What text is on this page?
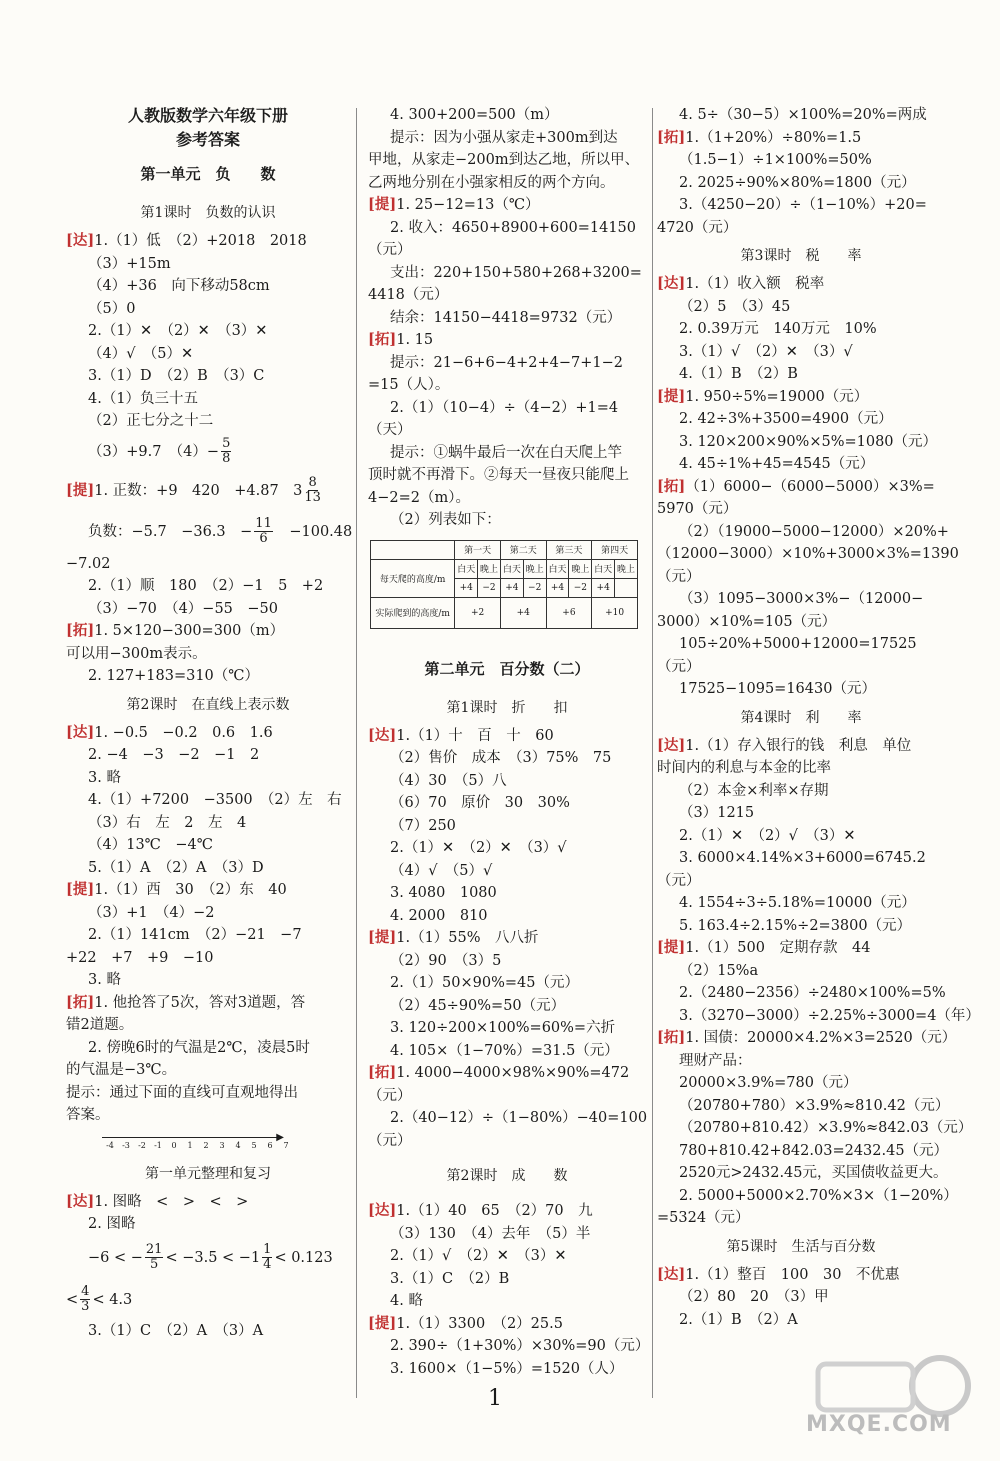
人教版数学六年级下册
参考答案
第一单元　负　　数
第1课时　负数的认识
[达]1.（1）低　（2）+2018　2018
（3）+15m
（4）+36　向下移动58cm
（5）0
2.（1）✕　（2）✕　（3）✕
（4）√　（5）✕
3.（1）D　（2）B　（3）C
4.（1）负三十五
（2）正七分之十二
（3）+9.7　$(4)- \frac{5}{8}$
[提]1. 正数：+9　420　+4.87　$3 \frac{8}{13}$
负数：−5.7　−36.3　− $\frac{11}{6}$
　 −100.48
−7.02
2.（1）顺　180　（2）−1　5　+2
（3）−70　（4）−55　−50
[拓]1. 5×120−300=300（m）
可以用−300m表示。
2. 127+183=310（℃）
第2课时　在直线上表示数
[达]1. −0.5　−0.2　0.6　1.6
2. −4　−3　−2　−1　2
3. 略
4.（1）+7200　−3500　（2）左　右
（3）右　左　2　左　4
（4）13℃　−4℃
5.（1）A　（2）A　（3）D
[提]1.（1）西　30　（2）东　40
（3）+1　（4）−2
2.（1）141cm　（2）−21　−7
+22　+7　+9　−10
3. 略
[拓]1. 他抢答了5次，答对3道题，答
错2道题。
2. 傍晚6时的气温是2℃，凌晨5时
的气温是−3℃。
提示：通过下面的直线可直观地得出
答案。
▶
-4	-3	-2	-1	0	1	2	3	4	5	6	7
第一单元整理和复习
[达]1. 图略　<　>　<　>
2. 图略
−6 < − $\frac{21}{5} < -3.5 < -1 \frac{1}{4} < 0.123$
< $\frac{4}{3} < 4.3$
3.（1）C　（2）A　（3）A
4. 300+200=500（m）
提示：因为小强从家走+300m到达
甲地，从家走−200m到达乙地，所以甲、
乙两地分别在小强家相反的两个方向。
[提]1. 25−12=13（℃）
2. 收入：4650+8900+600=14150
（元）
支出：220+150+580+268+3200=
4418（元）
结余：14150−4418=9732（元）
[拓]1. 15
提示：21−6+6−4+2+4−7+1−2
=15（人）。
2.（1）（10−4）÷（4−2）+1=4
（天）
提示：①蜗牛最后一次在白天爬上竿
顶时就不再滑下。②每天一昼夜只能爬上
4−2=2（m）。
（2）列表如下：
	第一天		第二天		第三天		第四天	
每天爬的高度/m	白天	晚上	白天	晚上	白天	晚上	白天	晚上
	+4	−2	+4	−2	+4	−2	+4	
实际爬到的高度/m	+2		+4		+6		+10	
第二单元　百分数（二）
第1课时　折　　扣
[达]1.（1）十　百　十　60
（2）售价　成本　（3）75%　75
（4）30　（5）八
（6）70　原价　30　30%
（7）250
2.（1）✕　（2）✕　（3）√
（4）√　（5）√
3. 4080　1080
4. 2000　810
[提]1.（1）55%　八八折
（2）90　（3）5
2.（1）50×90%=45（元）
（2）45÷90%=50（元）
3. 120÷200×100%=60%=六折
4. 105×（1−70%）=31.5（元）
[拓]1. 4000−4000×98%×90%=472
（元）
2.（40−12）÷（1−80%）−40=100
（元）
第2课时　成　　数
[达]1.（1）40　65　（2）70　九
（3）130　（4）去年　（5）半
2.（1）√　（2）✕　（3）✕
3.（1）C　（2）B
4. 略
[提]1.（1）3300　（2）25.5
2. 390÷（1+30%）×30%=90（元）
3. 1600×（1−5%）=1520（人）
4. 5÷（30−5）×100%=20%=两成
[拓]1.（1+20%）÷80%=1.5
（1.5−1）÷1×100%=50%
2. 2025÷90%×80%=1800（元）
3.（4250−20）÷（1−10%）+20=
4720（元）
第3课时　税　　率
[达]1.（1）收入额　税率
（2）5　（3）45
2. 0.39万元　140万元　10%
3.（1）√　（2）✕　（3）√
4.（1）B　（2）B
[提]1. 950÷5%=19000（元）
2. 42÷3%+3500=4900（元）
3. 120×200×90%×5%=1080（元）
4. 45÷1%+45=4545（元）
[拓]（1）6000−（6000−5000）×3%=
5970（元）
（2）（19000−5000−12000）×20%+
（12000−3000）×10%+3000×3%=1390
（元）
（3）1095−3000×3%−（12000−
3000）×10%=105（元）
105÷20%+5000+12000=17525
（元）
17525−1095=16430（元）
第4课时　利　　率
[达]1.（1）存入银行的钱　利息　单位
时间内的利息与本金的比率
（2）本金×利率×存期
（3）1215
2.（1）✕　（2）√　（3）✕
3. 6000×4.14%×3+6000=6745.2
（元）
4. 1554÷3÷5.18%=10000（元）
5. 163.4÷2.15%÷2=3800（元）
[提]1.（1）500　定期存款　44
（2）15%a
2.（2480−2356）÷2480×100%=5%
3.（3270−3000）÷2.25%÷3000=4（年）
[拓]1. 国债：20000×4.2%×3=2520（元）
理财产品：
20000×3.9%=780（元）
（20780+780）×3.9%≈810.42（元）
（20780+810.42）×3.9%≈842.03（元）
780+810.42+842.03=2432.45（元）
2520元>2432.45元，买国债收益更大。
2. 5000+5000×2.70%×3×（1−20%）
=5324（元）
第5课时　生活与百分数
[达]1.（1）整百　100　30　不优惠
（2）80　20　（3）甲
2.（1）B　（2）A
1
MXQE.COM
